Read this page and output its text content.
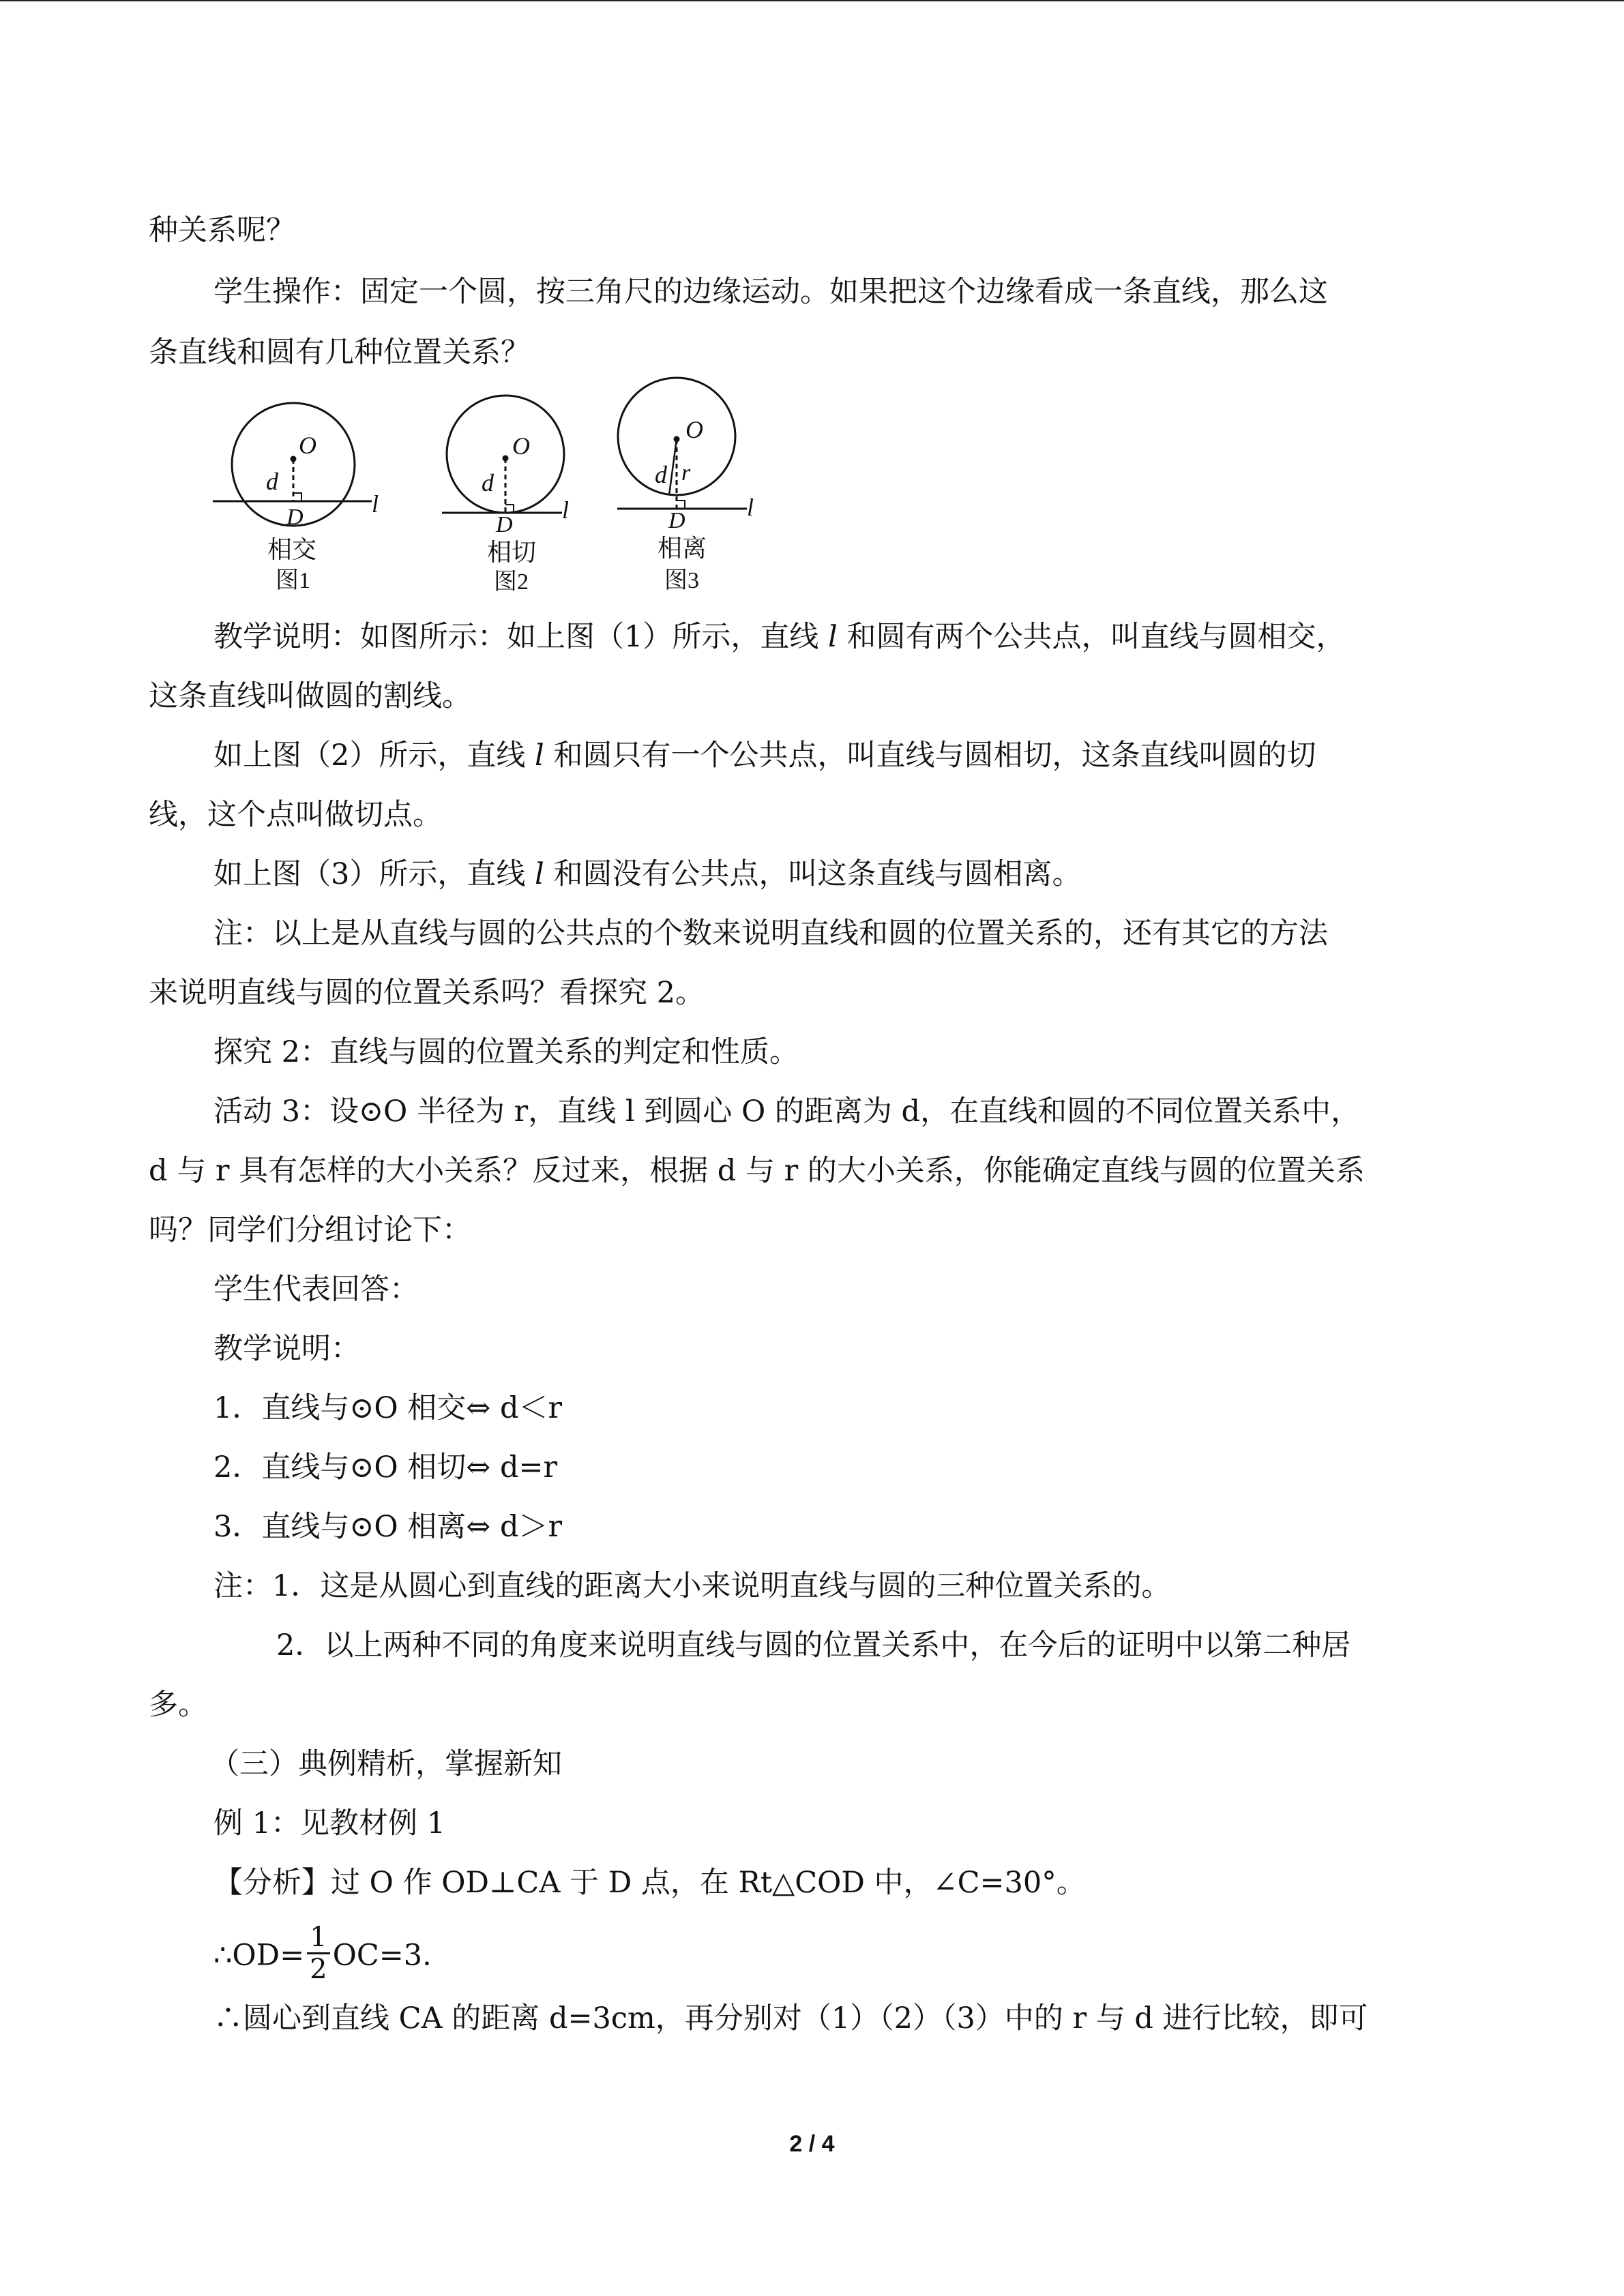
种关系呢？
学生操作：固定一个圆，按三角尺的边缘运动。如果把这个边缘看成一条直线，那么这
条直线和圆有几种位置关系？
O
d
D	l
相交
图1
O
d
D
l
相切
图2
O
d r
D	l
相离
图3
教学说明：如图所示：如上图（1）所示，直线 l 和圆有两个公共点，叫直线与圆相交，
这条直线叫做圆的割线。
如上图（2）所示，直线 l 和圆只有一个公共点，叫直线与圆相切，这条直线叫圆的切
线，这个点叫做切点。
如上图（3）所示，直线 l 和圆没有公共点，叫这条直线与圆相离。
注：以上是从直线与圆的公共点的个数来说明直线和圆的位置关系的，还有其它的方法
来说明直线与圆的位置关系吗？看探究 2。
探究 2：直线与圆的位置关系的判定和性质。
活动 3：设⊙O 半径为 r，直线 l 到圆心 O 的距离为 d，在直线和圆的不同位置关系中，
d 与 r 具有怎样的大小关系？反过来，根据 d 与 r 的大小关系，你能确定直线与圆的位置关系
吗？同学们分组讨论下：
学生代表回答：
教学说明：
1．直线与⊙O 相交⇔ d＜r
2．直线与⊙O 相切⇔ d=r
3．直线与⊙O 相离⇔ d＞r
注：1．这是从圆心到直线的距离大小来说明直线与圆的三种位置关系的。
2．以上两种不同的角度来说明直线与圆的位置关系中，在今后的证明中以第二种居
多。
（三）典例精析，掌握新知
例 1：见教材例 1
【分析】过 O 作 OD⊥CA 于 D 点，在 Rt△COD 中，∠C=30°。
∴OD= $\frac{1}{2} OC=3$.
∴圆心到直线 CA 的距离 d=3cm，再分别对（1）（2）（3）中的 r 与 d 进行比较，即可
2 / 4
